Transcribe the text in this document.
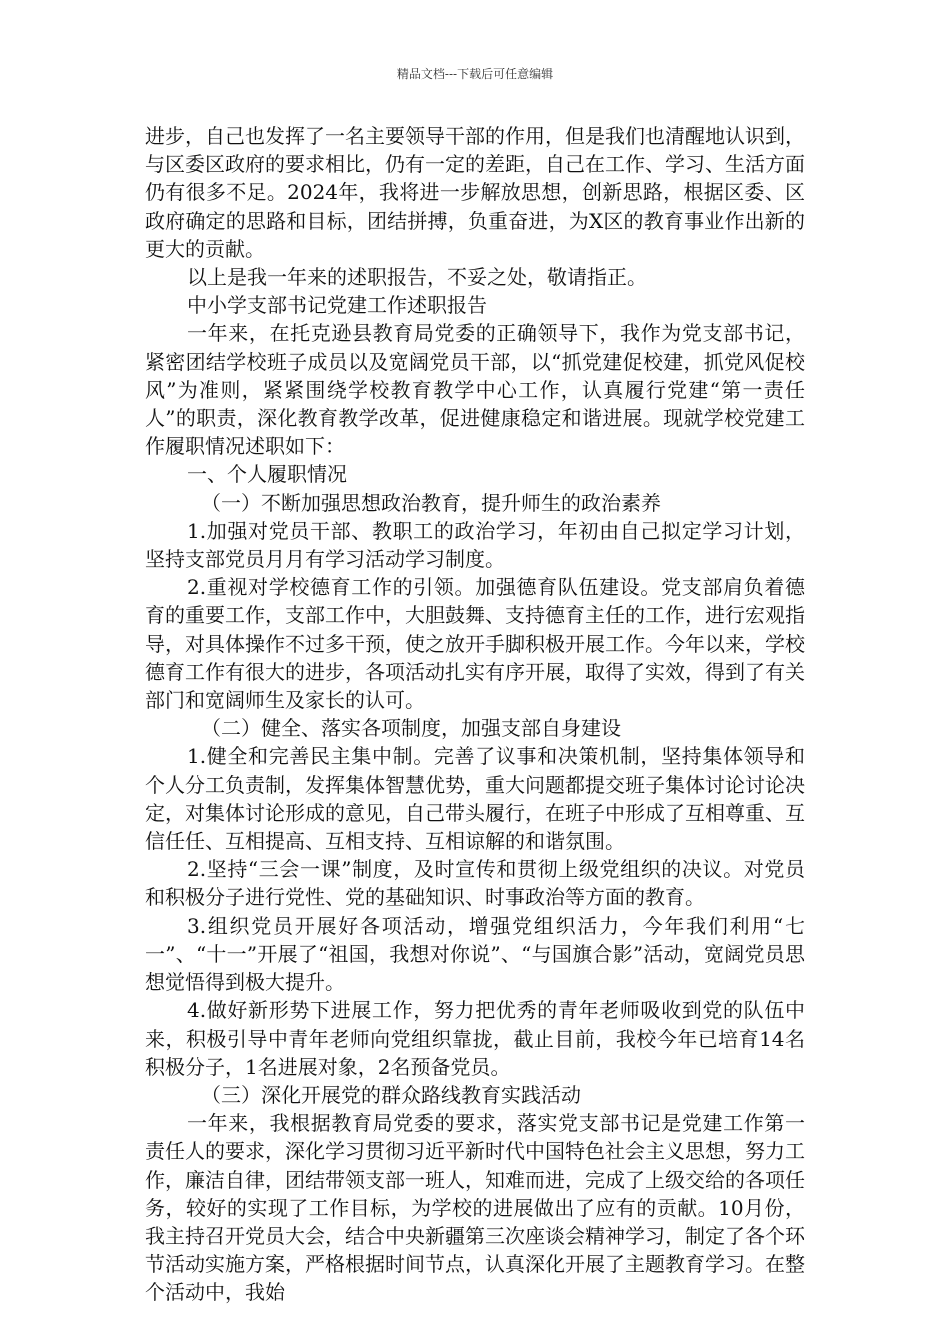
精品文档---下载后可任意编辑

进步，自己也发挥了一名主要领导干部的作用，但是我们也清醒地认识到，与区委区政府的要求相比，仍有一定的差距，自己在工作、学习、生活方面仍有很多不足。2024年，我将进一步解放思想，创新思路，根据区委、区政府确定的思路和目标，团结拼搏，负重奋进，为X区的教育事业作出新的更大的贡献。

以上是我一年来的述职报告，不妥之处，敬请指正。

中小学支部书记党建工作述职报告

一年来，在托克逊县教育局党委的正确领导下，我作为党支部书记，紧密团结学校班子成员以及宽阔党员干部，以“抓党建促校建，抓党风促校风”为准则，紧紧围绕学校教育教学中心工作，认真履行党建“第一责任人”的职责，深化教育教学改革，促进健康稳定和谐进展。现就学校党建工作履职情况述职如下：

一、个人履职情况

（一）不断加强思想政治教育，提升师生的政治素养

1.加强对党员干部、教职工的政治学习，年初由自己拟定学习计划，坚持支部党员月月有学习活动学习制度。

2.重视对学校德育工作的引领。加强德育队伍建设。党支部肩负着德育的重要工作，支部工作中，大胆鼓舞、支持德育主任的工作，进行宏观指导，对具体操作不过多干预，使之放开手脚积极开展工作。今年以来，学校德育工作有很大的进步，各项活动扎实有序开展，取得了实效，得到了有关部门和宽阔师生及家长的认可。

（二）健全、落实各项制度，加强支部自身建设

1.健全和完善民主集中制。完善了议事和决策机制，坚持集体领导和个人分工负责制，发挥集体智慧优势，重大问题都提交班子集体讨论讨论决定，对集体讨论形成的意见，自己带头履行，在班子中形成了互相尊重、互信任任、互相提高、互相支持、互相谅解的和谐氛围。

2.坚持“三会一课”制度，及时宣传和贯彻上级党组织的决议。对党员和积极分子进行党性、党的基础知识、时事政治等方面的教育。

3.组织党员开展好各项活动，增强党组织活力，今年我们利用“七一”、“十一”开展了“祖国，我想对你说”、“与国旗合影”活动，宽阔党员思想觉悟得到极大提升。

4.做好新形势下进展工作，努力把优秀的青年老师吸收到党的队伍中来，积极引导中青年老师向党组织靠拢，截止目前，我校今年已培育14名积极分子，1名进展对象，2名预备党员。

（三）深化开展党的群众路线教育实践活动

一年来，我根据教育局党委的要求，落实党支部书记是党建工作第一责任人的要求，深化学习贯彻习近平新时代中国特色社会主义思想，努力工作，廉洁自律，团结带领支部一班人，知难而进，完成了上级交给的各项任务，较好的实现了工作目标，为学校的进展做出了应有的贡献。10月份，我主持召开党员大会，结合中央新疆第三次座谈会精神学习，制定了各个环节活动实施方案，严格根据时间节点，认真深化开展了主题教育学习。在整个活动中，我始
